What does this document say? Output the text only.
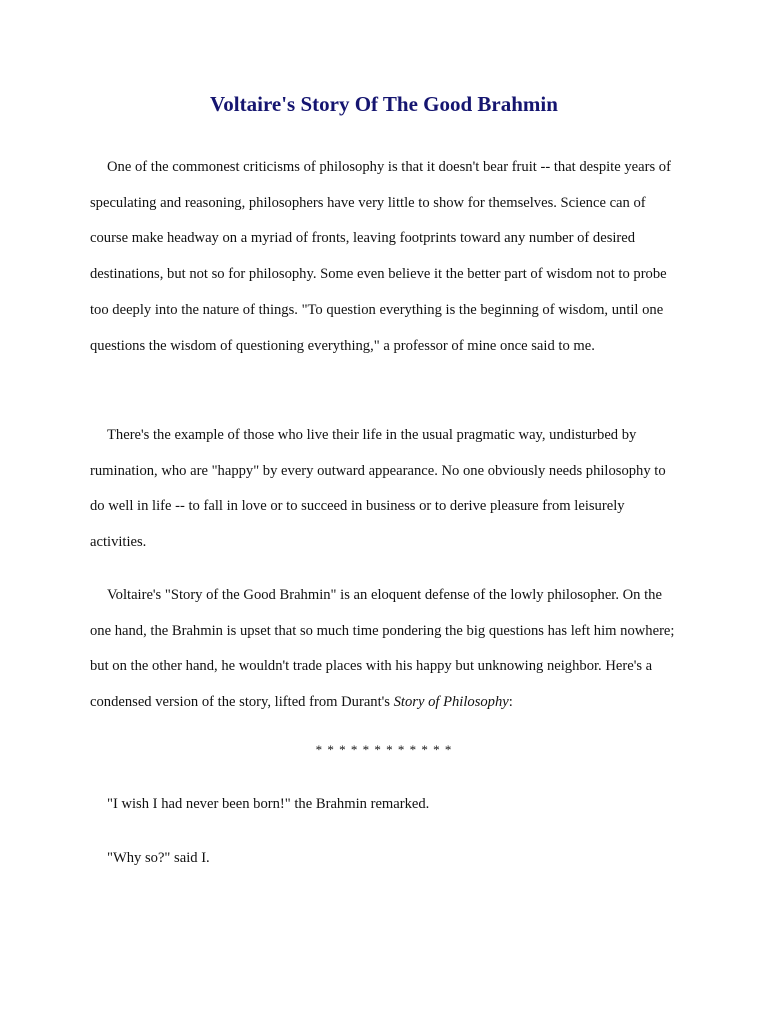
Voltaire's Story Of The Good Brahmin

One of the commonest criticisms of philosophy is that it doesn't bear fruit -- that despite years of speculating and reasoning, philosophers have very little to show for themselves. Science can of course make headway on a myriad of fronts, leaving footprints toward any number of desired destinations, but not so for philosophy. Some even believe it the better part of wisdom not to probe too deeply into the nature of things. "To question everything is the beginning of wisdom, until one questions the wisdom of questioning everything," a professor of mine once said to me.

There's the example of those who live their life in the usual pragmatic way, undisturbed by rumination, who are "happy" by every outward appearance. No one obviously needs philosophy to do well in life -- to fall in love or to succeed in business or to derive pleasure from leisurely activities.

Voltaire's "Story of the Good Brahmin" is an eloquent defense of the lowly philosopher. On the one hand, the Brahmin is upset that so much time pondering the big questions has left him nowhere; but on the other hand, he wouldn't trade places with his happy but unknowing neighbor. Here's a condensed version of the story, lifted from Durant's Story of Philosophy:

* * * * * * * * * * * *

"I wish I had never been born!" the Brahmin remarked.

"Why so?" said I.
